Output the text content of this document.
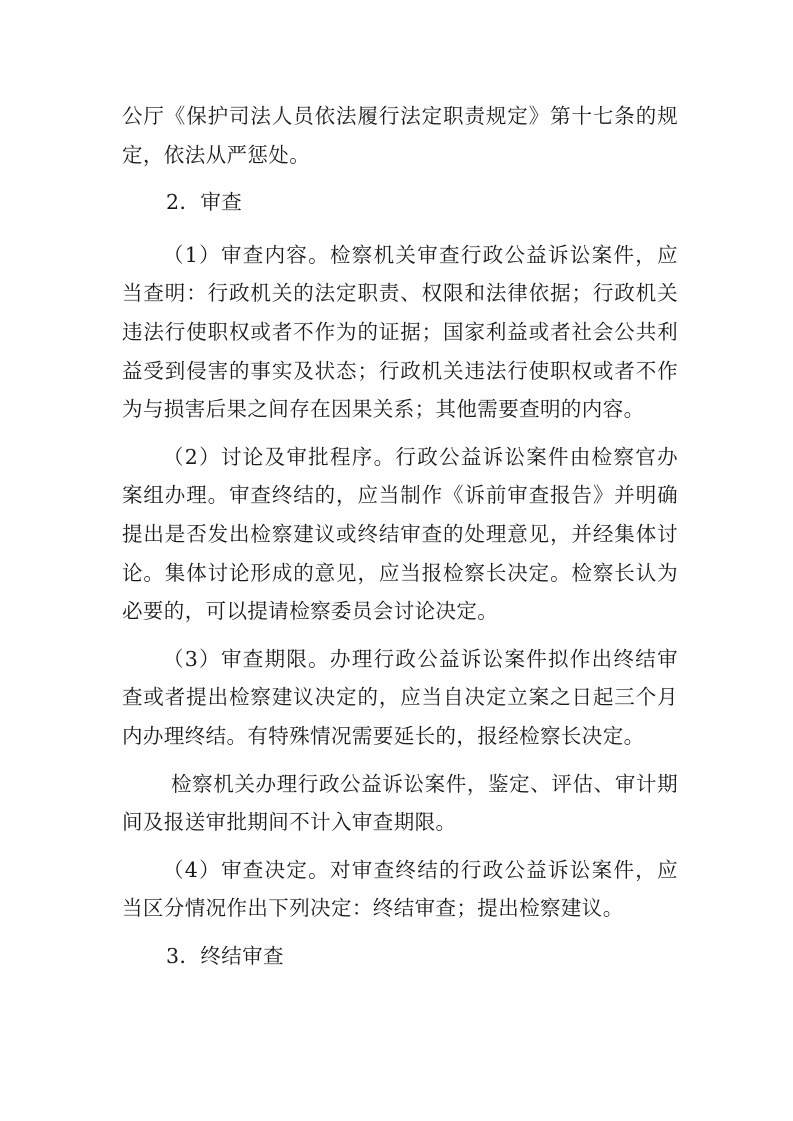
公厅《保护司法人员依法履行法定职责规定》第十七条的规定，依法从严惩处。

2．审查

（1）审查内容。检察机关审查行政公益诉讼案件，应当查明：行政机关的法定职责、权限和法律依据；行政机关违法行使职权或者不作为的证据；国家利益或者社会公共利益受到侵害的事实及状态；行政机关违法行使职权或者不作为与损害后果之间存在因果关系；其他需要查明的内容。

（2）讨论及审批程序。行政公益诉讼案件由检察官办案组办理。审查终结的，应当制作《诉前审查报告》并明确提出是否发出检察建议或终结审查的处理意见，并经集体讨论。集体讨论形成的意见，应当报检察长决定。检察长认为必要的，可以提请检察委员会讨论决定。

（3）审查期限。办理行政公益诉讼案件拟作出终结审查或者提出检察建议决定的，应当自决定立案之日起三个月内办理终结。有特殊情况需要延长的，报经检察长决定。

检察机关办理行政公益诉讼案件，鉴定、评估、审计期间及报送审批期间不计入审查期限。

（4）审查决定。对审查终结的行政公益诉讼案件，应当区分情况作出下列决定：终结审查；提出检察建议。

3．终结审查
